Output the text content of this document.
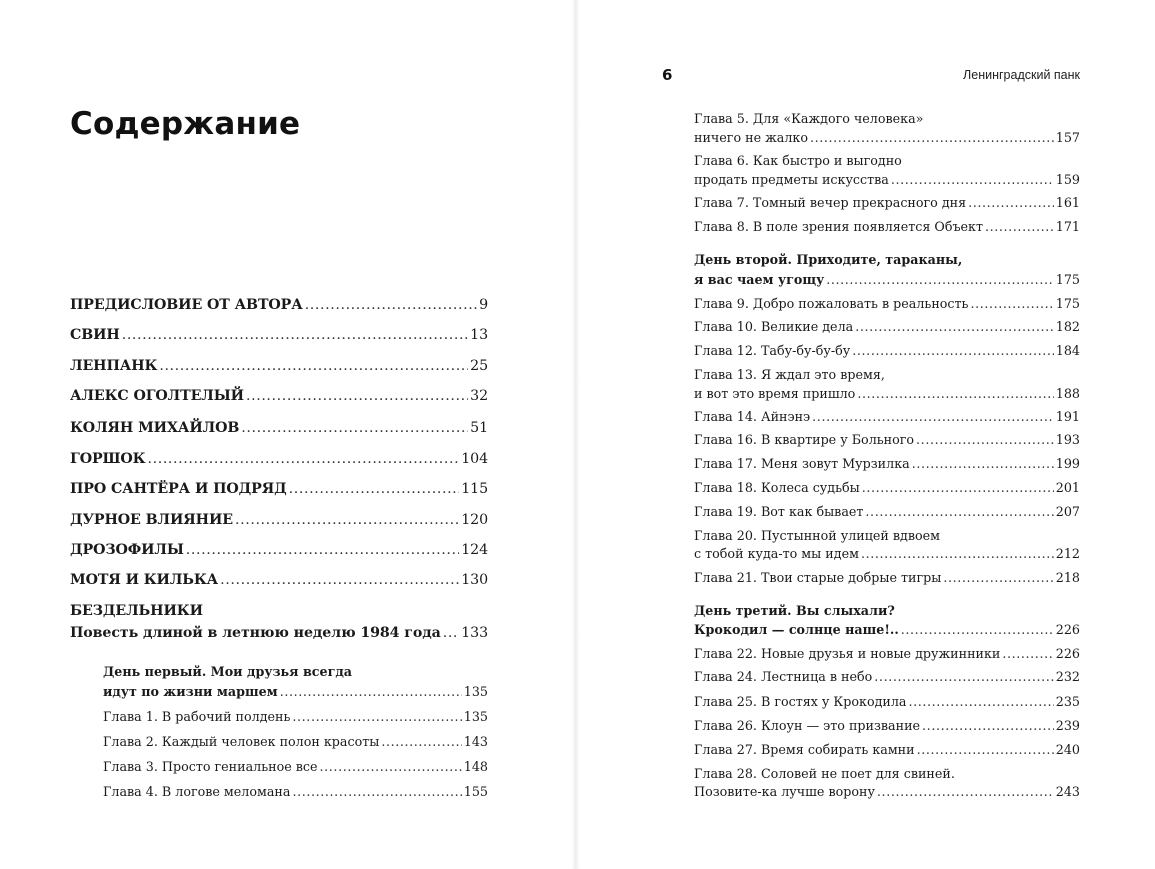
Содержание
ПРЕДИСЛОВИЕ ОТ АВТОРА .....	9
СВИН .....	13
ЛЕНПАНК .....	25
АЛЕКС ОГОЛТЕЛЫЙ .....	32
КОЛЯН МИХАЙЛОВ .....	51
ГОРШОК .....	104
ПРО САНТЁРА И ПОДРЯД .....	115
ДУРНОЕ ВЛИЯНИЕ .....	120
ДРОЗОФИЛЫ .....	124
МОТЯ И КИЛЬКА .....	130
БЕЗДЕЛЬНИКИ
Повесть длиной в летнюю неделю 1984 года ..... 133
День первый. Мои друзья всегда
идут по жизни маршем .....	135
Глава 1. В рабочий полдень .....	135
Глава 2. Каждый человек полон красоты .....	143
Глава 3. Просто гениальное все .....	148
Глава 4. В логове меломана .....	155
6	Ленинградский панк
Глава 5. Для «Каждого человека»
ничего не жалко .....	157
Глава 6. Как быстро и выгодно
продать предметы искусства .....	159
Глава 7. Томный вечер прекрасного дня .....	161
Глава 8. В поле зрения появляется Объект .....	171
День второй. Приходите, тараканы,
я вас чаем угощу .....	175
Глава 9. Добро пожаловать в реальность .....	175
Глава 10. Великие дела .....	182
Глава 12. Табу-бу-бу-бу .....	184
Глава 13. Я ждал это время,
и вот это время пришло .....	188
Глава 14. Айнэнэ .....	191
Глава 16. В квартире у Больного .....	193
Глава 17. Меня зовут Мурзилка .....	199
Глава 18. Колеса судьбы .....	201
Глава 19. Вот как бывает .....	207
Глава 20. Пустынной улицей вдвоем
с тобой куда-то мы идем .....	212
Глава 21. Твои старые добрые тигры .....	218
День третий. Вы слыхали?
Крокодил — солнце наше!.. .....	226
Глава 22. Новые друзья и новые дружинники .....	226
Глава 24. Лестница в небо .....	232
Глава 25. В гостях у Крокодила .....	235
Глава 26. Клоун — это призвание .....	239
Глава 27. Время собирать камни .....	240
Глава 28. Соловей не поет для свиней.
Позовите-ка лучше ворону .....	243
